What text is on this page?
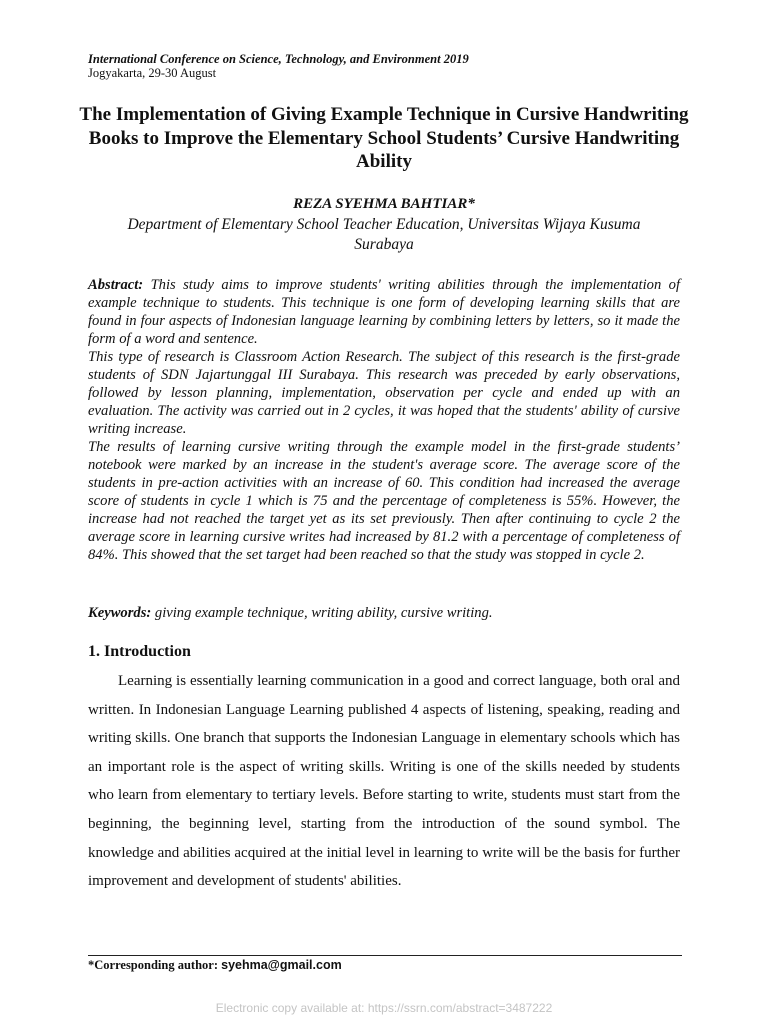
International Conference on Science, Technology, and Environment 2019
Jogyakarta, 29-30 August
The Implementation of Giving Example Technique in Cursive Handwriting Books to Improve the Elementary School Students’ Cursive Handwriting Ability
REZA SYEHMA BAHTIAR*
Department of Elementary School Teacher Education, Universitas Wijaya Kusuma Surabaya

Abstract: This study aims to improve students' writing abilities through the implementation of example technique to students. This technique is one form of developing learning skills that are found in four aspects of Indonesian language learning by combining letters by letters, so it made the form of a word and sentence.

This type of research is Classroom Action Research. The subject of this research is the first-grade students of SDN Jajartunggal III Surabaya. This research was preceded by early observations, followed by lesson planning, implementation, observation per cycle and ended up with an evaluation. The activity was carried out in 2 cycles, it was hoped that the students' ability of cursive writing increase.

The results of learning cursive writing through the example model in the first-grade students’ notebook were marked by an increase in the student's average score. The average score of the students in pre-action activities with an increase of 60. This condition had increased the average score of students in cycle 1 which is 75 and the percentage of completeness is 55%. However, the increase had not reached the target yet as its set previously. Then after continuing to cycle 2 the average score in learning cursive writes had increased by 81.2 with a percentage of completeness of 84%. This showed that the set target had been reached so that the study was stopped in cycle 2.

Keywords: giving example technique, writing ability, cursive writing.
1. Introduction

Learning is essentially learning communication in a good and correct language, both oral and written. In Indonesian Language Learning published 4 aspects of listening, speaking, reading and writing skills. One branch that supports the Indonesian Language in elementary schools which has an important role is the aspect of writing skills. Writing is one of the skills needed by students who learn from elementary to tertiary levels. Before starting to write, students must start from the beginning, the beginning level, starting from the introduction of the sound symbol. The knowledge and abilities acquired at the initial level in learning to write will be the basis for further improvement and development of students' abilities.

*Corresponding author: syehma@gmail.com
Electronic copy available at: https://ssrn.com/abstract=3487222
